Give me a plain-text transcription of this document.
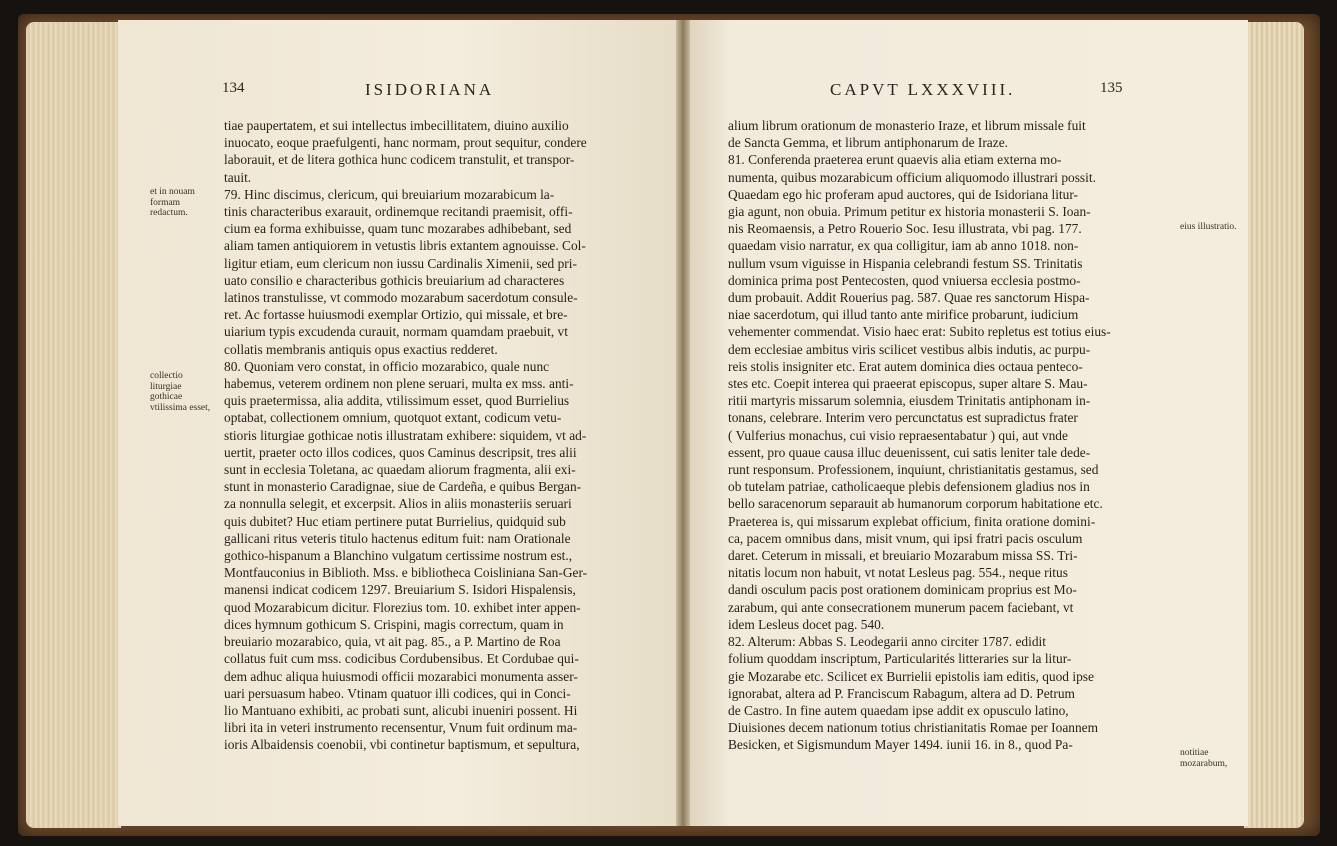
134	ISIDORIANA
et in nouam formam redactum.
collectio liturgiae gothicae vtilissima esset,

tiae paupertatem, et sui intellectus imbecillitatem, diuino auxilio

inuocato, eoque praefulgenti, hanc normam, prout sequitur, condere

laborauit, et de litera gothica hunc codicem transtulit, et transpor-

tauit.

79. Hinc discimus, clericum, qui breuiarium mozarabicum la-

tinis characteribus exarauit, ordinemque recitandi praemisit, offi-

cium ea forma exhibuisse, quam tunc mozarabes adhibebant, sed

aliam tamen antiquiorem in vetustis libris extantem agnouisse. Col-

ligitur etiam, eum clericum non iussu Cardinalis Ximenii, sed pri-

uato consilio e characteribus gothicis breuiarium ad characteres

latinos transtulisse, vt commodo mozarabum sacerdotum consule-

ret. Ac fortasse huiusmodi exemplar Ortizio, qui missale, et bre-

uiarium typis excudenda curauit, normam quamdam praebuit, vt

collatis membranis antiquis opus exactius redderet.

80. Quoniam vero constat, in officio mozarabico, quale nunc

habemus, veterem ordinem non plene seruari, multa ex mss. anti-

quis praetermissa, alia addita, vtilissimum esset, quod Burrielius

optabat, collectionem omnium, quotquot extant, codicum vetu-

stioris liturgiae gothicae notis illustratam exhibere: siquidem, vt ad-

uertit, praeter octo illos codices, quos Caminus descripsit, tres alii

sunt in ecclesia Toletana, ac quaedam aliorum fragmenta, alii exi-

stunt in monasterio Caradignae, siue de Cardeña, e quibus Bergan-

za nonnulla selegit, et excerpsit. Alios in aliis monasteriis seruari

quis dubitet? Huc etiam pertinere putat Burrielius, quidquid sub

gallicani ritus veteris titulo hactenus editum fuit: nam Orationale

gothico-hispanum a Blanchino vulgatum certissime nostrum est.,

Montfauconius in Biblioth. Mss. e bibliotheca Coisliniana San-Ger-

manensi indicat codicem 1297. Breuiarium S. Isidori Hispalensis,

quod Mozarabicum dicitur. Florezius tom. 10. exhibet inter appen-

dices hymnum gothicum S. Crispini, magis correctum, quam in

breuiario mozarabico, quia, vt ait pag. 85., a P. Martino de Roa

collatus fuit cum mss. codicibus Cordubensibus. Et Cordubae qui-

dem adhuc aliqua huiusmodi officii mozarabici monumenta asser-

uari persuasum habeo. Vtinam quatuor illi codices, qui in Conci-

lio Mantuano exhibiti, ac probati sunt, alicubi inueniri possent. Hi

libri ita in veteri instrumento recensentur, Vnum fuit ordinum ma-

ioris Albaidensis coenobii, vbi continetur baptismum, et sepultura,

CAPVT LXXXVIII.	135
eius illustratio.
notitiae mozarabum,

alium librum orationum de monasterio Iraze, et librum missale fuit

de Sancta Gemma, et librum antiphonarum de Iraze.

81. Conferenda praeterea erunt quaevis alia etiam externa mo-

numenta, quibus mozarabicum officium aliquomodo illustrari possit.

Quaedam ego hic proferam apud auctores, qui de Isidoriana litur-

gia agunt, non obuia. Primum petitur ex historia monasterii S. Ioan-

nis Reomaensis, a Petro Rouerio Soc. Iesu illustrata, vbi pag. 177.

quaedam visio narratur, ex qua colligitur, iam ab anno 1018. non-

nullum vsum viguisse in Hispania celebrandi festum SS. Trinitatis

dominica prima post Pentecosten, quod vniuersa ecclesia postmo-

dum probauit. Addit Rouerius pag. 587. Quae res sanctorum Hispa-

niae sacerdotum, qui illud tanto ante mirifice probarunt, iudicium

vehementer commendat. Visio haec erat: Subito repletus est totius eius-

dem ecclesiae ambitus viris scilicet vestibus albis indutis, ac purpu-

reis stolis insigniter etc. Erat autem dominica dies octaua penteco-

stes etc. Coepit interea qui praeerat episcopus, super altare S. Mau-

ritii martyris missarum solemnia, eiusdem Trinitatis antiphonam in-

tonans, celebrare. Interim vero percunctatus est supradictus frater

( Vulferius monachus, cui visio repraesentabatur ) qui, aut vnde

essent, pro quaue causa illuc deuenissent, cui satis leniter tale dede-

runt responsum. Professionem, inquiunt, christianitatis gestamus, sed

ob tutelam patriae, catholicaeque plebis defensionem gladius nos in

bello saracenorum separauit ab humanorum corporum habitatione etc.

Praeterea is, qui missarum explebat officium, finita oratione domini-

ca, pacem omnibus dans, misit vnum, qui ipsi fratri pacis osculum

daret. Ceterum in missali, et breuiario Mozarabum missa SS. Tri-

nitatis locum non habuit, vt notat Lesleus pag. 554., neque ritus

dandi osculum pacis post orationem dominicam proprius est Mo-

zarabum, qui ante consecrationem munerum pacem faciebant, vt

idem Lesleus docet pag. 540.

82. Alterum: Abbas S. Leodegarii anno circiter 1787. edidit

folium quoddam inscriptum, Particularités litteraries sur la litur-

gie Mozarabe etc. Scilicet ex Burrielii epistolis iam editis, quod ipse

ignorabat, altera ad P. Franciscum Rabagum, altera ad D. Petrum

de Castro. In fine autem quaedam ipse addit ex opusculo latino,

Diuisiones decem nationum totius christianitatis Romae per Ioannem

Besicken, et Sigismundum Mayer 1494. iunii 16. in 8., quod Pa-
